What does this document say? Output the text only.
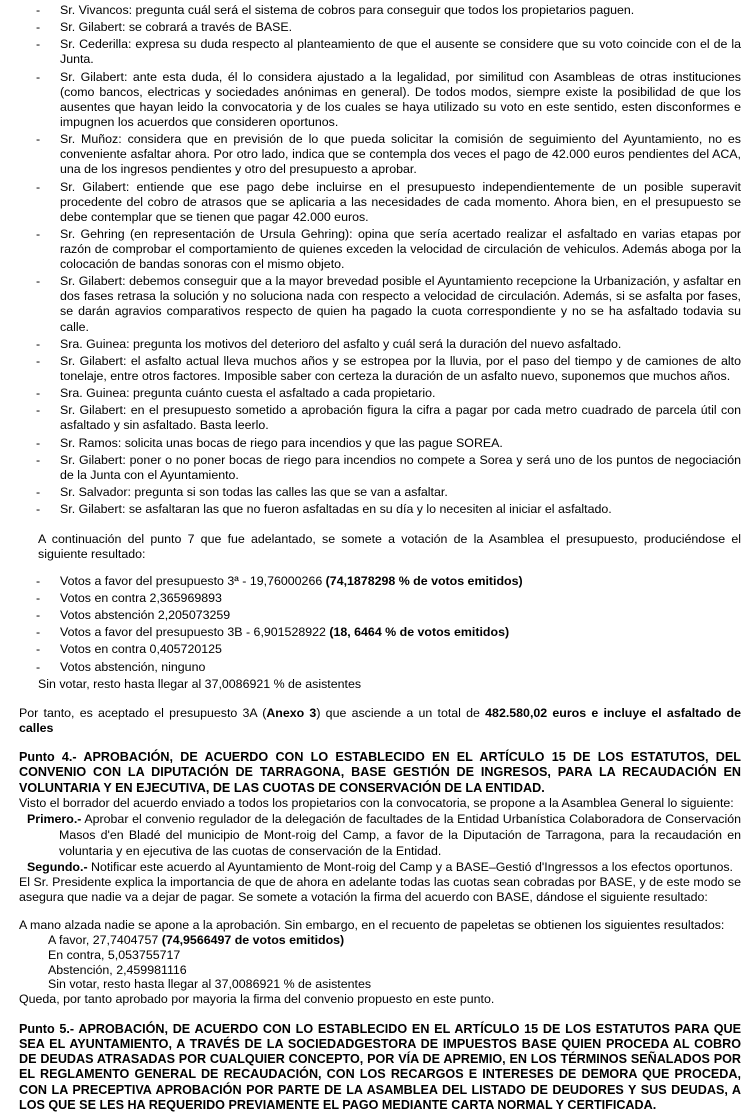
- Sr. Vivancos: pregunta cuál será el sistema de cobros para conseguir que todos los propietarios paguen.
- Sr. Gilabert: se cobrará a través de BASE.
- Sr. Cederilla: expresa su duda respecto al planteamiento de que el ausente se considere que su voto coincide con el de la Junta.
- Sr. Gilabert: ante esta duda, él lo considera ajustado a la legalidad, por similitud con Asambleas de otras instituciones (como bancos, electricas y sociedades anónimas en general). De todos modos, siempre existe la posibilidad de que los ausentes que hayan leido la convocatoria y de los cuales se haya utilizado su voto en este sentido, esten disconformes e impugnen los acuerdos que consideren oportunos.
- Sr. Muñoz: considera que en previsión de lo que pueda solicitar la comisión de seguimiento del Ayuntamiento, no es conveniente asfaltar ahora. Por otro lado, indica que se contempla dos veces el pago de 42.000 euros pendientes del ACA, una de los ingresos pendientes y otro del presupuesto a aprobar.
- Sr. Gilabert: entiende que ese pago debe incluirse en el presupuesto independientemente de un posible superavit procedente del cobro de atrasos que se aplicaria a las necesidades de cada momento. Ahora bien, en el presupuesto se debe contemplar que se tienen que pagar 42.000 euros.
- Sr. Gehring (en representación de Ursula Gehring): opina que sería acertado realizar el asfaltado en varias etapas por razón de comprobar el comportamiento de quienes exceden la velocidad de circulación de vehiculos. Además aboga por la colocación de bandas sonoras con el mismo objeto.
- Sr. Gilabert: debemos conseguir que a la mayor brevedad posible el Ayuntamiento recepcione la Urbanización, y asfaltar en dos fases retrasa la solución y no soluciona nada con respecto a velocidad de circulación. Además, si se asfalta por fases, se darán agravios comparativos respecto de quien ha pagado la cuota correspondiente y no se ha asfaltado todavia su calle.
- Sra. Guinea: pregunta los motivos del deterioro del asfalto y cuál será la duración del nuevo asfaltado.
- Sr. Gilabert: el asfalto actual lleva muchos años y se estropea por la lluvia, por el paso del tiempo y de camiones de alto tonelaje, entre otros factores. Imposible saber con certeza la duración de un asfalto nuevo, suponemos que muchos años.
- Sra. Guinea: pregunta cuánto cuesta el asfaltado a cada propietario.
- Sr. Gilabert: en el presupuesto sometido a aprobación figura la cifra a pagar por cada metro cuadrado de parcela útil con asfaltado y sin asfaltado. Basta leerlo.
- Sr. Ramos: solicita unas bocas de riego para incendios y que las pague SOREA.
- Sr. Gilabert: poner o no poner bocas de riego para incendios no compete a Sorea y será uno de los puntos de negociación de la Junta con el Ayuntamiento.
- Sr. Salvador: pregunta si son todas las calles las que se van a asfaltar.
- Sr. Gilabert: se asfaltaran las que no fueron asfaltadas en su día y lo necesiten al iniciar el asfaltado.

A continuación del punto 7 que fue adelantado, se somete a votación de la Asamblea el presupuesto, produciéndose el siguiente resultado:

- Votos a favor del presupuesto 3ª - 19,76000266 (74,1878298 % de votos emitidos)
- Votos en contra 2,365969893
- Votos abstención 2,205073259
- Votos a favor del presupuesto 3B - 6,901528922 (18, 6464 % de votos emitidos)
- Votos en contra 0,405720125
- Votos abstención, ninguno

Sin votar, resto hasta llegar al 37,0086921 % de asistentes

Por tanto, es aceptado el presupuesto 3A (Anexo 3) que asciende a un total de 482.580,02 euros e incluye el asfaltado de calles

Punto 4.- APROBACIÓN, DE ACUERDO CON LO ESTABLECIDO EN EL ARTÍCULO 15 DE LOS ESTATUTOS, DEL CONVENIO CON LA DIPUTACIÓN DE TARRAGONA, BASE GESTIÓN DE INGRESOS, PARA LA RECAUDACIÓN EN VOLUNTARIA Y EN EJECUTIVA, DE LAS CUOTAS DE CONSERVACIÓN DE LA ENTIDAD.

Visto el borrador del acuerdo enviado a todos los propietarios con la convocatoria, se propone a la Asamblea General lo siguiente:

Primero.- Aprobar el convenio regulador de la delegación de facultades de la Entidad Urbanística Colaboradora de Conservación Masos d'en Bladé del municipio de Mont-roig del Camp, a favor de la Diputación de Tarragona, para la recaudación en voluntaria y en ejecutiva de las cuotas de conservación de la Entidad.

Segundo.- Notificar este acuerdo al Ayuntamiento de Mont-roig del Camp y a BASE–Gestió d'Ingressos a los efectos oportunos.

El Sr. Presidente explica la importancia de que de ahora en adelante todas las cuotas sean cobradas por BASE, y de este modo se asegura que nadie va a dejar de pagar. Se somete a votación la firma del acuerdo con BASE, dándose el siguiente resultado:

A mano alzada nadie se apone a la aprobación. Sin embargo, en el recuento de papeletas se obtienen los siguientes resultados:

A favor, 27,7404757 (74,9566497 de votos emitidos)
En contra, 5,053755717
Abstención, 2,459981116
Sin votar, resto hasta llegar al 37,0086921 % de asistentes

Queda, por tanto aprobado por mayoria la firma del convenio propuesto en este punto.

Punto 5.- APROBACIÓN, DE ACUERDO CON LO ESTABLECIDO EN EL ARTÍCULO 15 DE LOS ESTATUTOS PARA QUE SEA EL AYUNTAMIENTO, A TRAVÉS DE LA SOCIEDADGESTORA DE IMPUESTOS BASE QUIEN PROCEDA AL COBRO DE DEUDAS ATRASADAS POR CUALQUIER CONCEPTO, POR VÍA DE APREMIO, EN LOS TÉRMINOS SEÑALADOS POR EL REGLAMENTO GENERAL DE RECAUDACIÓN, CON LOS RECARGOS E INTERESES DE DEMORA QUE PROCEDA, CON LA PRECEPTIVA APROBACIÓN POR PARTE DE LA ASAMBLEA DEL LISTADO DE DEUDORES Y SUS DEUDAS, A LOS QUE SE LES HA REQUERIDO PREVIAMENTE EL PAGO MEDIANTE CARTA NORMAL Y CERTIFICADA.
